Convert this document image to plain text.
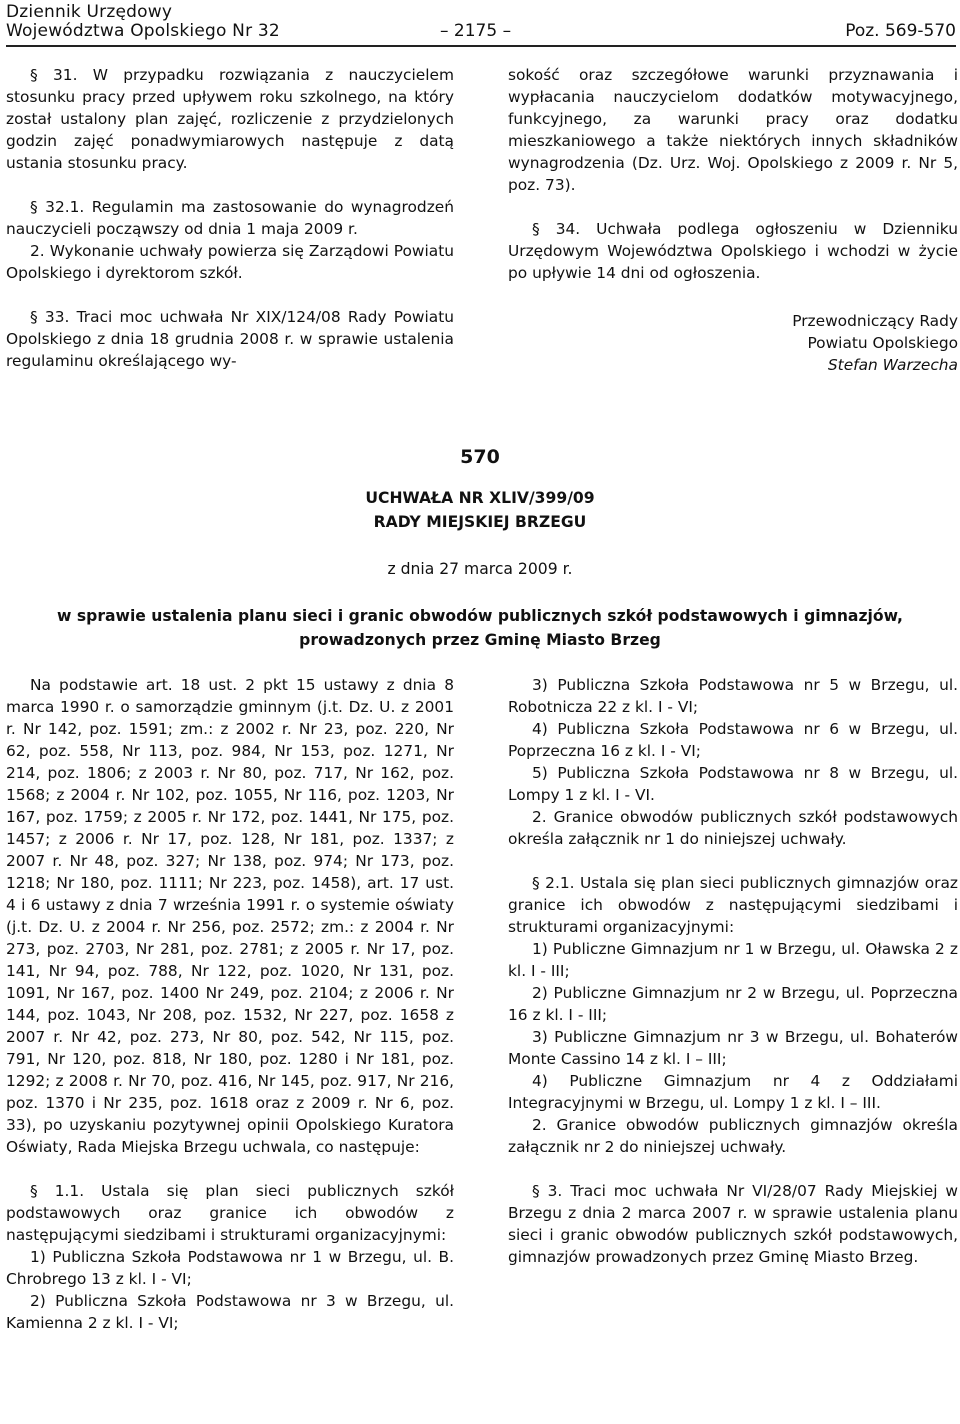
Dziennik Urzędowy
Województwa Opolskiego Nr 32	– 2175 –	Poz. 569-570

§ 31. W przypadku rozwiązania z nauczycielem stosunku pracy przed upływem roku szkolnego, na który został ustalony plan zajęć, rozliczenie z przydzielonych godzin zajęć ponadwymiarowych następuje z datą ustania stosunku pracy.

§ 32.1. Regulamin ma zastosowanie do wynagrodzeń nauczycieli począwszy od dnia 1 maja 2009 r.

2. Wykonanie uchwały powierza się Zarządowi Powiatu Opolskiego i dyrektorom szkół.

§ 33. Traci moc uchwała Nr XIX/124/08 Rady Powiatu Opolskiego z dnia 18 grudnia 2008 r. w sprawie ustalenia regulaminu określającego wy-

sokość oraz szczegółowe warunki przyznawania i wypłacania nauczycielom dodatków motywacyjnego, funkcyjnego, za warunki pracy oraz dodatku mieszkaniowego a także niektórych innych składników wynagrodzenia (Dz. Urz. Woj. Opolskiego z 2009 r. Nr 5, poz. 73).

§ 34. Uchwała podlega ogłoszeniu w Dzienniku Urzędowym Województwa Opolskiego i wchodzi w życie po upływie 14 dni od ogłoszenia.

Przewodniczący Rady

Powiatu Opolskiego

Stefan Warzecha

570
UCHWAŁA NR XLIV/399/09
RADY MIEJSKIEJ BRZEGU
z dnia 27 marca 2009 r.
w sprawie ustalenia planu sieci i granic obwodów publicznych szkół podstawowych i gimnazjów, prowadzonych przez Gminę Miasto Brzeg

Na podstawie art. 18 ust. 2 pkt 15 ustawy z dnia 8 marca 1990 r. o samorządzie gminnym (j.t. Dz. U. z 2001 r. Nr 142, poz. 1591; zm.: z 2002 r. Nr 23, poz. 220, Nr 62, poz. 558, Nr 113, poz. 984, Nr 153, poz. 1271, Nr 214, poz. 1806; z 2003 r. Nr 80, poz. 717, Nr 162, poz. 1568; z 2004 r. Nr 102, poz. 1055, Nr 116, poz. 1203, Nr 167, poz. 1759; z 2005 r. Nr 172, poz. 1441, Nr 175, poz. 1457; z 2006 r. Nr 17, poz. 128, Nr 181, poz. 1337; z 2007 r. Nr 48, poz. 327; Nr 138, poz. 974; Nr 173, poz. 1218; Nr 180, poz. 1111; Nr 223, poz. 1458), art. 17 ust. 4 i 6 ustawy z dnia 7 września 1991 r. o systemie oświaty (j.t. Dz. U. z 2004 r. Nr 256, poz. 2572; zm.: z 2004 r. Nr 273, poz. 2703, Nr 281, poz. 2781; z 2005 r. Nr 17, poz. 141, Nr 94, poz. 788, Nr 122, poz. 1020, Nr 131, poz. 1091, Nr 167, poz. 1400 Nr 249, poz. 2104; z 2006 r. Nr 144, poz. 1043, Nr 208, poz. 1532, Nr 227, poz. 1658 z 2007 r. Nr 42, poz. 273, Nr 80, poz. 542, Nr 115, poz. 791, Nr 120, poz. 818, Nr 180, poz. 1280 i Nr 181, poz. 1292; z 2008 r. Nr 70, poz. 416, Nr 145, poz. 917, Nr 216, poz. 1370 i Nr 235, poz. 1618 oraz z 2009 r. Nr 6, poz. 33), po uzyskaniu pozytywnej opinii Opolskiego Kuratora Oświaty, Rada Miejska Brzegu uchwala, co następuje:

§ 1.1. Ustala się plan sieci publicznych szkół podstawowych oraz granice ich obwodów z następującymi siedzibami i strukturami organizacyjnymi:

1) Publiczna Szkoła Podstawowa nr 1 w Brzegu, ul. B. Chrobrego 13 z kl. I - VI;

2) Publiczna Szkoła Podstawowa nr 3 w Brzegu, ul. Kamienna 2 z kl. I - VI;

3) Publiczna Szkoła Podstawowa nr 5 w Brzegu, ul. Robotnicza 22 z kl. I - VI;

4) Publiczna Szkoła Podstawowa nr 6 w Brzegu, ul. Poprzeczna 16 z kl. I - VI;

5) Publiczna Szkoła Podstawowa nr 8 w Brzegu, ul. Lompy 1 z kl. I - VI.

2. Granice obwodów publicznych szkół podstawowych określa załącznik nr 1 do niniejszej uchwały.

§ 2.1. Ustala się plan sieci publicznych gimnazjów oraz granice ich obwodów z następującymi siedzibami i strukturami organizacyjnymi:

1) Publiczne Gimnazjum nr 1 w Brzegu, ul. Oławska 2 z kl. I - III;

2) Publiczne Gimnazjum nr 2 w Brzegu, ul. Poprzeczna 16 z kl. I - III;

3) Publiczne Gimnazjum nr 3 w Brzegu, ul. Bohaterów Monte Cassino 14 z kl. I – III;

4) Publiczne Gimnazjum nr 4 z Oddziałami Integracyjnymi w Brzegu, ul. Lompy 1 z kl. I – III.

2. Granice obwodów publicznych gimnazjów określa załącznik nr 2 do niniejszej uchwały.

§ 3. Traci moc uchwała Nr VI/28/07 Rady Miejskiej w Brzegu z dnia 2 marca 2007 r. w sprawie ustalenia planu sieci i granic obwodów publicznych szkół podstawowych, gimnazjów prowadzonych przez Gminę Miasto Brzeg.
